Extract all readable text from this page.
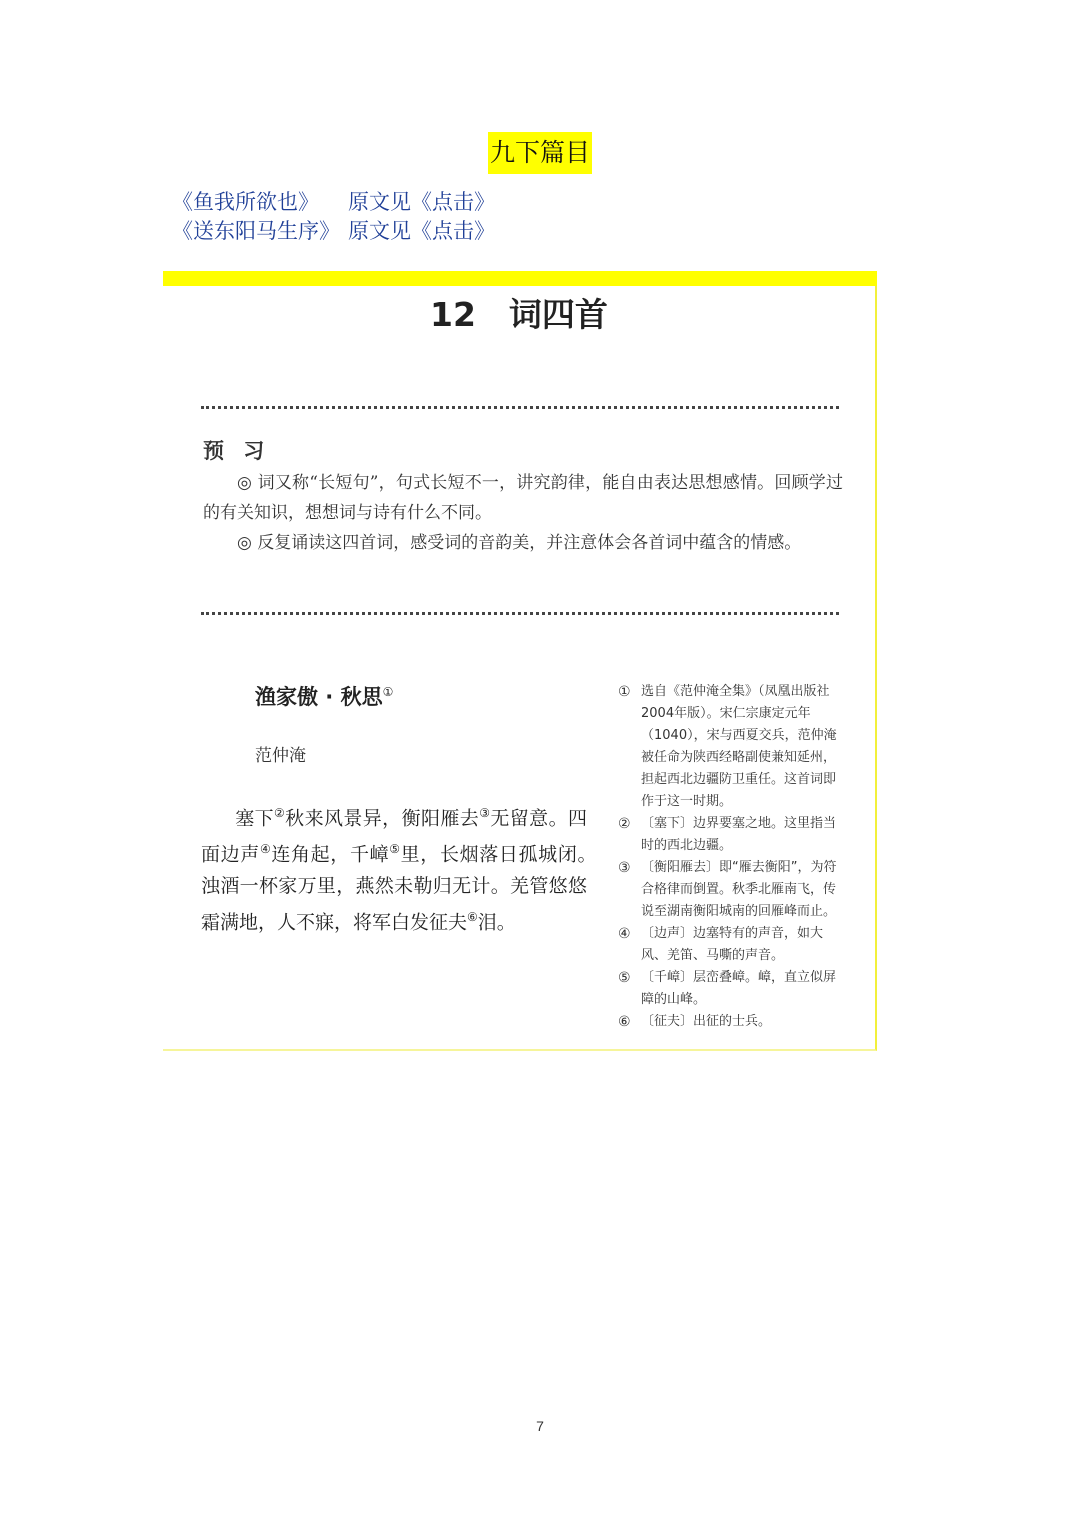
九下篇目
《鱼我所欲也》 原文见《点击》
《送东阳马生序》 原文见《点击》
12　词四首
预 习

◎ 词又称“长短句”，句式长短不一，讲究韵律，能自由表达思想感情。回顾学过的有关知识，想想词与诗有什么不同。

◎ 反复诵读这四首词，感受词的音韵美，并注意体会各首词中蕴含的情感。

渔家傲 · 秋思①
范仲淹

塞下②秋来风景异，衡阳雁去③无留意。四面边声④连角起，千嶂⑤里，长烟落日孤城闭。　浊酒一杯家万里，燕然未勒归无计。羌管悠悠霜满地，人不寐，将军白发征夫⑥泪。

① 选自《范仲淹全集》（凤凰出版社2004年版）。宋仁宗康定元年（1040），宋与西夏交兵，范仲淹被任命为陕西经略副使兼知延州，担起西北边疆防卫重任。这首词即作于这一时期。
② 〔塞下〕边界要塞之地。这里指当时的西北边疆。
③ 〔衡阳雁去〕即“雁去衡阳”，为符合格律而倒置。秋季北雁南飞，传说至湖南衡阳城南的回雁峰而止。
④ 〔边声〕边塞特有的声音，如大风、羌笛、马嘶的声音。
⑤ 〔千嶂〕层峦叠嶂。嶂，直立似屏障的山峰。
⑥ 〔征夫〕出征的士兵。
7
